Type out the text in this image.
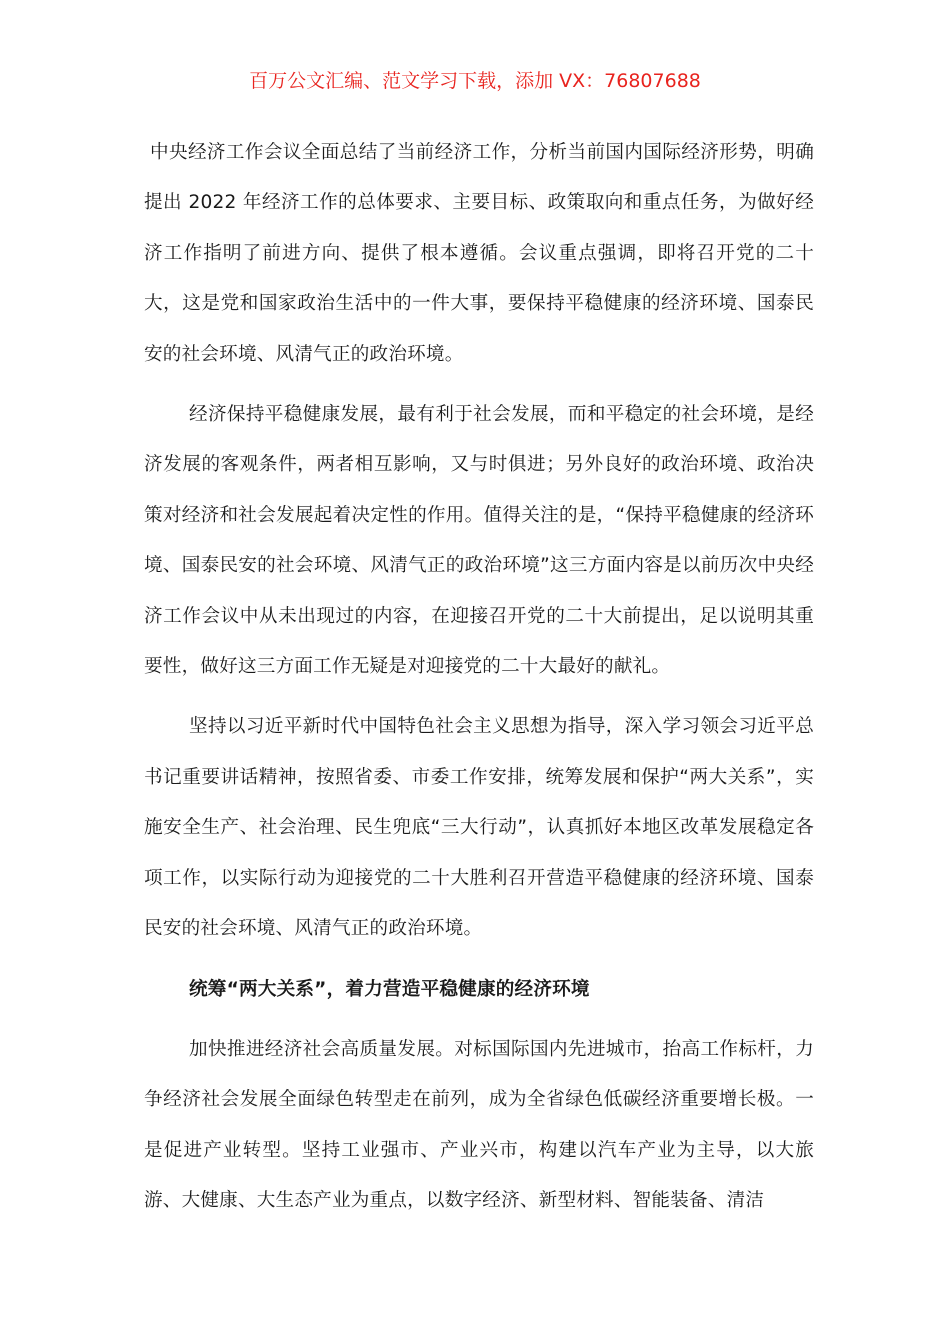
百万公文汇编、范文学习下载，添加 VX：76807688

中央经济工作会议全面总结了当前经济工作，分析当前国内国际经济形势，明确提出 2022 年经济工作的总体要求、主要目标、政策取向和重点任务，为做好经济工作指明了前进方向、提供了根本遵循。会议重点强调，即将召开党的二十大，这是党和国家政治生活中的一件大事，要保持平稳健康的经济环境、国泰民安的社会环境、风清气正的政治环境。

经济保持平稳健康发展，最有利于社会发展，而和平稳定的社会环境，是经济发展的客观条件，两者相互影响，又与时俱进；另外良好的政治环境、政治决策对经济和社会发展起着决定性的作用。值得关注的是，“保持平稳健康的经济环境、国泰民安的社会环境、风清气正的政治环境”这三方面内容是以前历次中央经济工作会议中从未出现过的内容，在迎接召开党的二十大前提出，足以说明其重要性，做好这三方面工作无疑是对迎接党的二十大最好的献礼。

坚持以习近平新时代中国特色社会主义思想为指导，深入学习领会习近平总书记重要讲话精神，按照省委、市委工作安排，统筹发展和保护“两大关系”，实施安全生产、社会治理、民生兜底“三大行动”，认真抓好本地区改革发展稳定各项工作，以实际行动为迎接党的二十大胜利召开营造平稳健康的经济环境、国泰民安的社会环境、风清气正的政治环境。

统筹“两大关系”，着力营造平稳健康的经济环境

加快推进经济社会高质量发展。对标国际国内先进城市，抬高工作标杆，力争经济社会发展全面绿色转型走在前列，成为全省绿色低碳经济重要增长极。一是促进产业转型。坚持工业强市、产业兴市，构建以汽车产业为主导，以大旅游、大健康、大生态产业为重点，以数字经济、新型材料、智能装备、清洁
